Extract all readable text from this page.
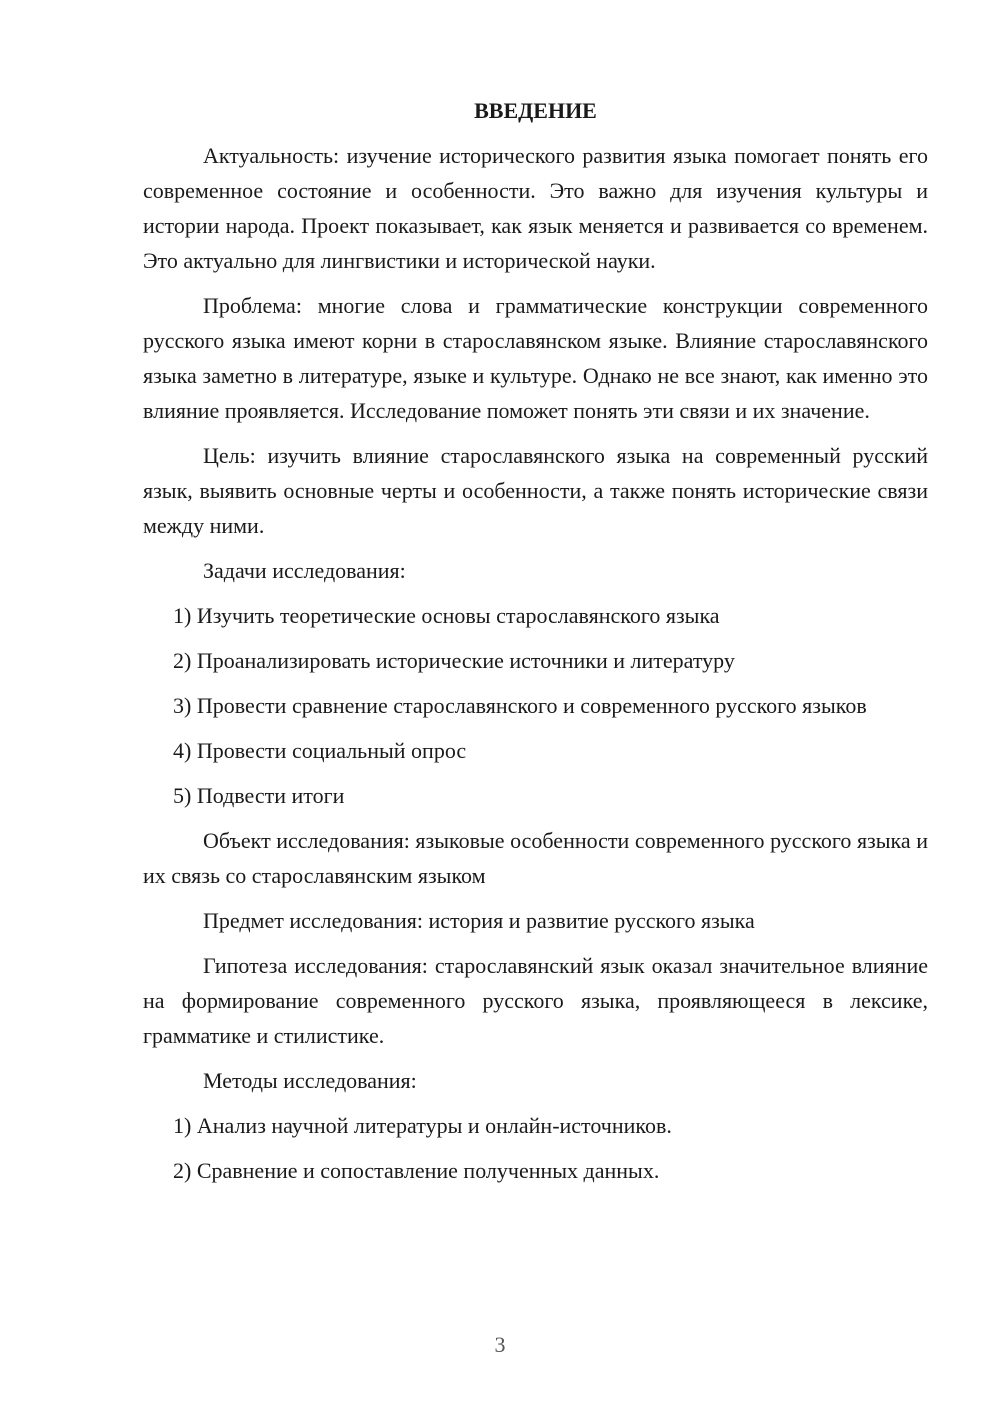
ВВЕДЕНИЕ

Актуальность: изучение исторического развития языка помогает понять его современное состояние и особенности. Это важно для изучения культуры и истории народа. Проект показывает, как язык меняется и развивается со временем. Это актуально для лингвистики и исторической науки.

Проблема: многие слова и грамматические конструкции современного русского языка имеют корни в старославянском языке. Влияние старославянского языка заметно в литературе, языке и культуре. Однако не все знают, как именно это влияние проявляется. Исследование поможет понять эти связи и их значение.

Цель: изучить влияние старославянского языка на современный русский язык, выявить основные черты и особенности, а также понять исторические связи между ними.

Задачи исследования:

1) Изучить теоретические основы старославянского языка

2) Проанализировать исторические источники и литературу

3) Провести сравнение старославянского и современного русского языков

4) Провести социальный опрос

5) Подвести итоги

Объект исследования: языковые особенности современного русского языка и их связь со старославянским языком

Предмет исследования: история и развитие русского языка

Гипотеза исследования: старославянский язык оказал значительное влияние на формирование современного русского языка, проявляющееся в лексике, грамматике и стилистике.

Методы исследования:

1) Анализ научной литературы и онлайн-источников.

2) Сравнение и сопоставление полученных данных.

3
